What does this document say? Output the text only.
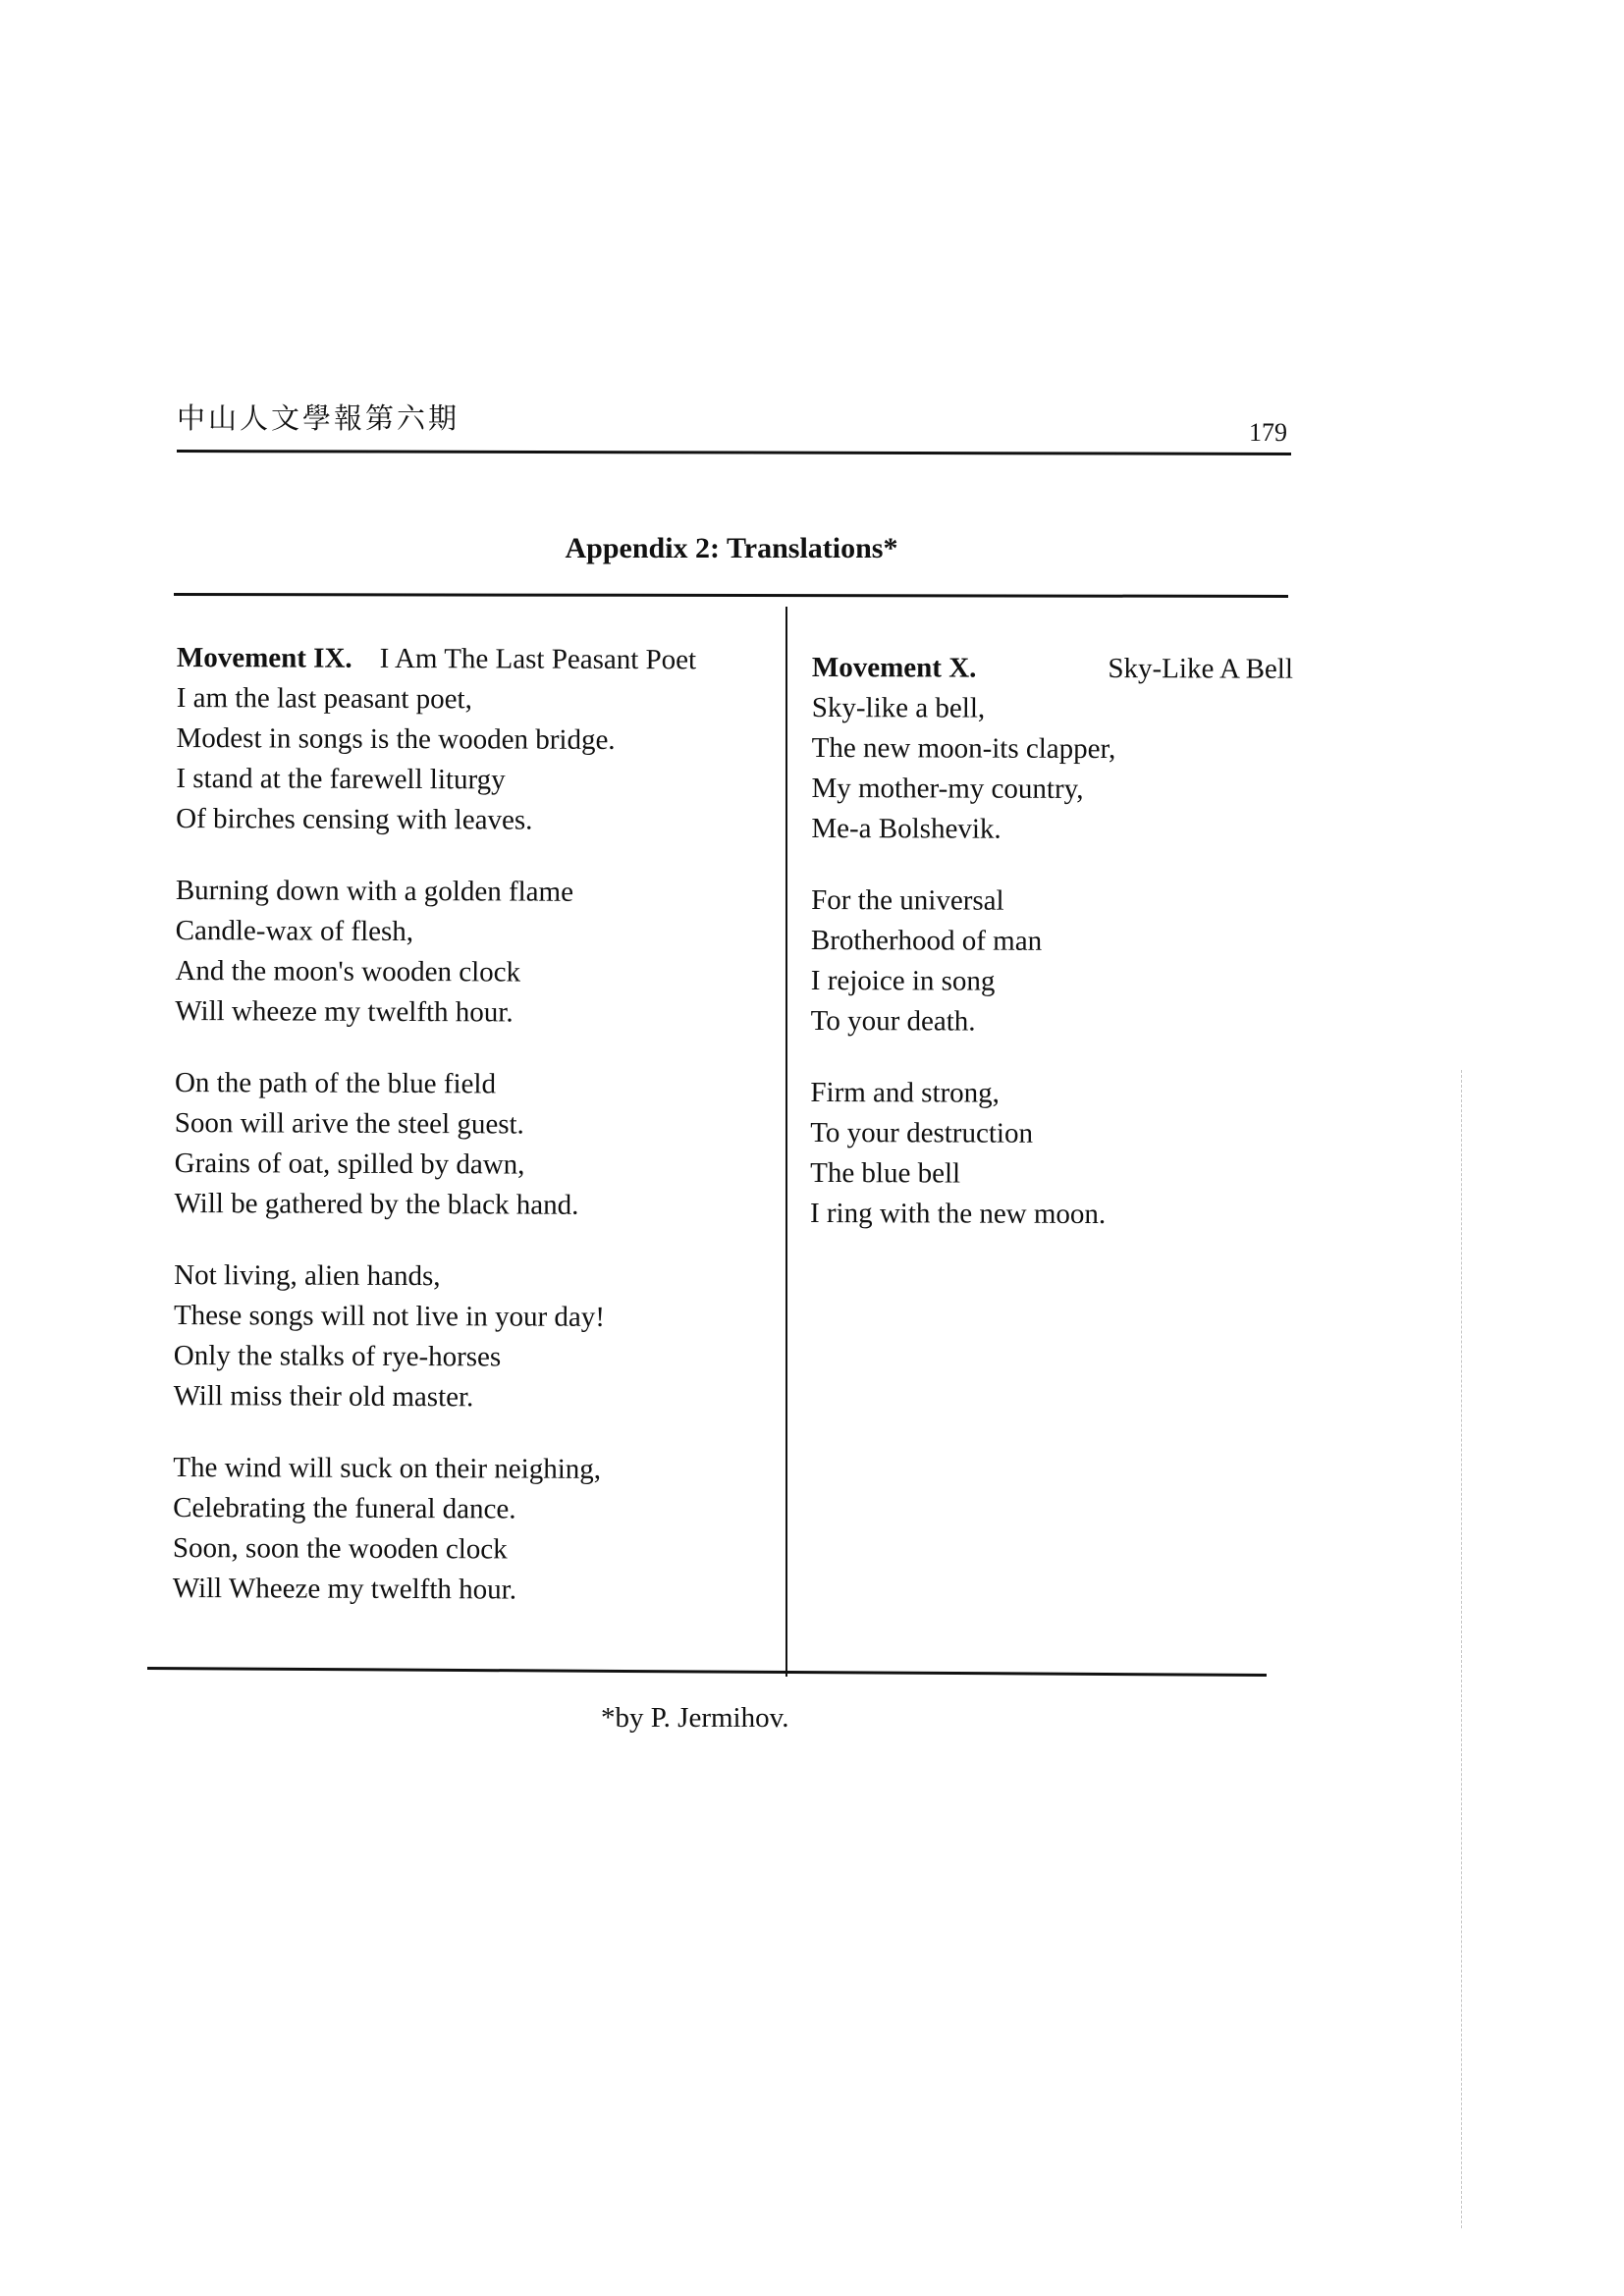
中山人文學報第六期	179
Appendix 2: Translations*

Movement IX. I Am The Last Peasant Poet

I am the last peasant poet,
Modest in songs is the wooden bridge.
I stand at the farewell liturgy
Of birches censing with leaves.
Burning down with a golden flame
Candle-wax of flesh,
And the moon's wooden clock
Will wheeze my twelfth hour.
On the path of the blue field
Soon will arive the steel guest.
Grains of oat, spilled by dawn,
Will be gathered by the black hand.
Not living, alien hands,
These songs will not live in your day!
Only the stalks of rye-horses
Will miss their old master.
The wind will suck on their neighing,
Celebrating the funeral dance.
Soon, soon the wooden clock
Will Wheeze my twelfth hour.

Movement X.	Sky-Like A Bell

Sky-like a bell,
The new moon-its clapper,
My mother-my country,
Me-a Bolshevik.
For the universal
Brotherhood of man
I rejoice in song
To your death.
Firm and strong,
To your destruction
The blue bell
I ring with the new moon.
*by P. Jermihov.
